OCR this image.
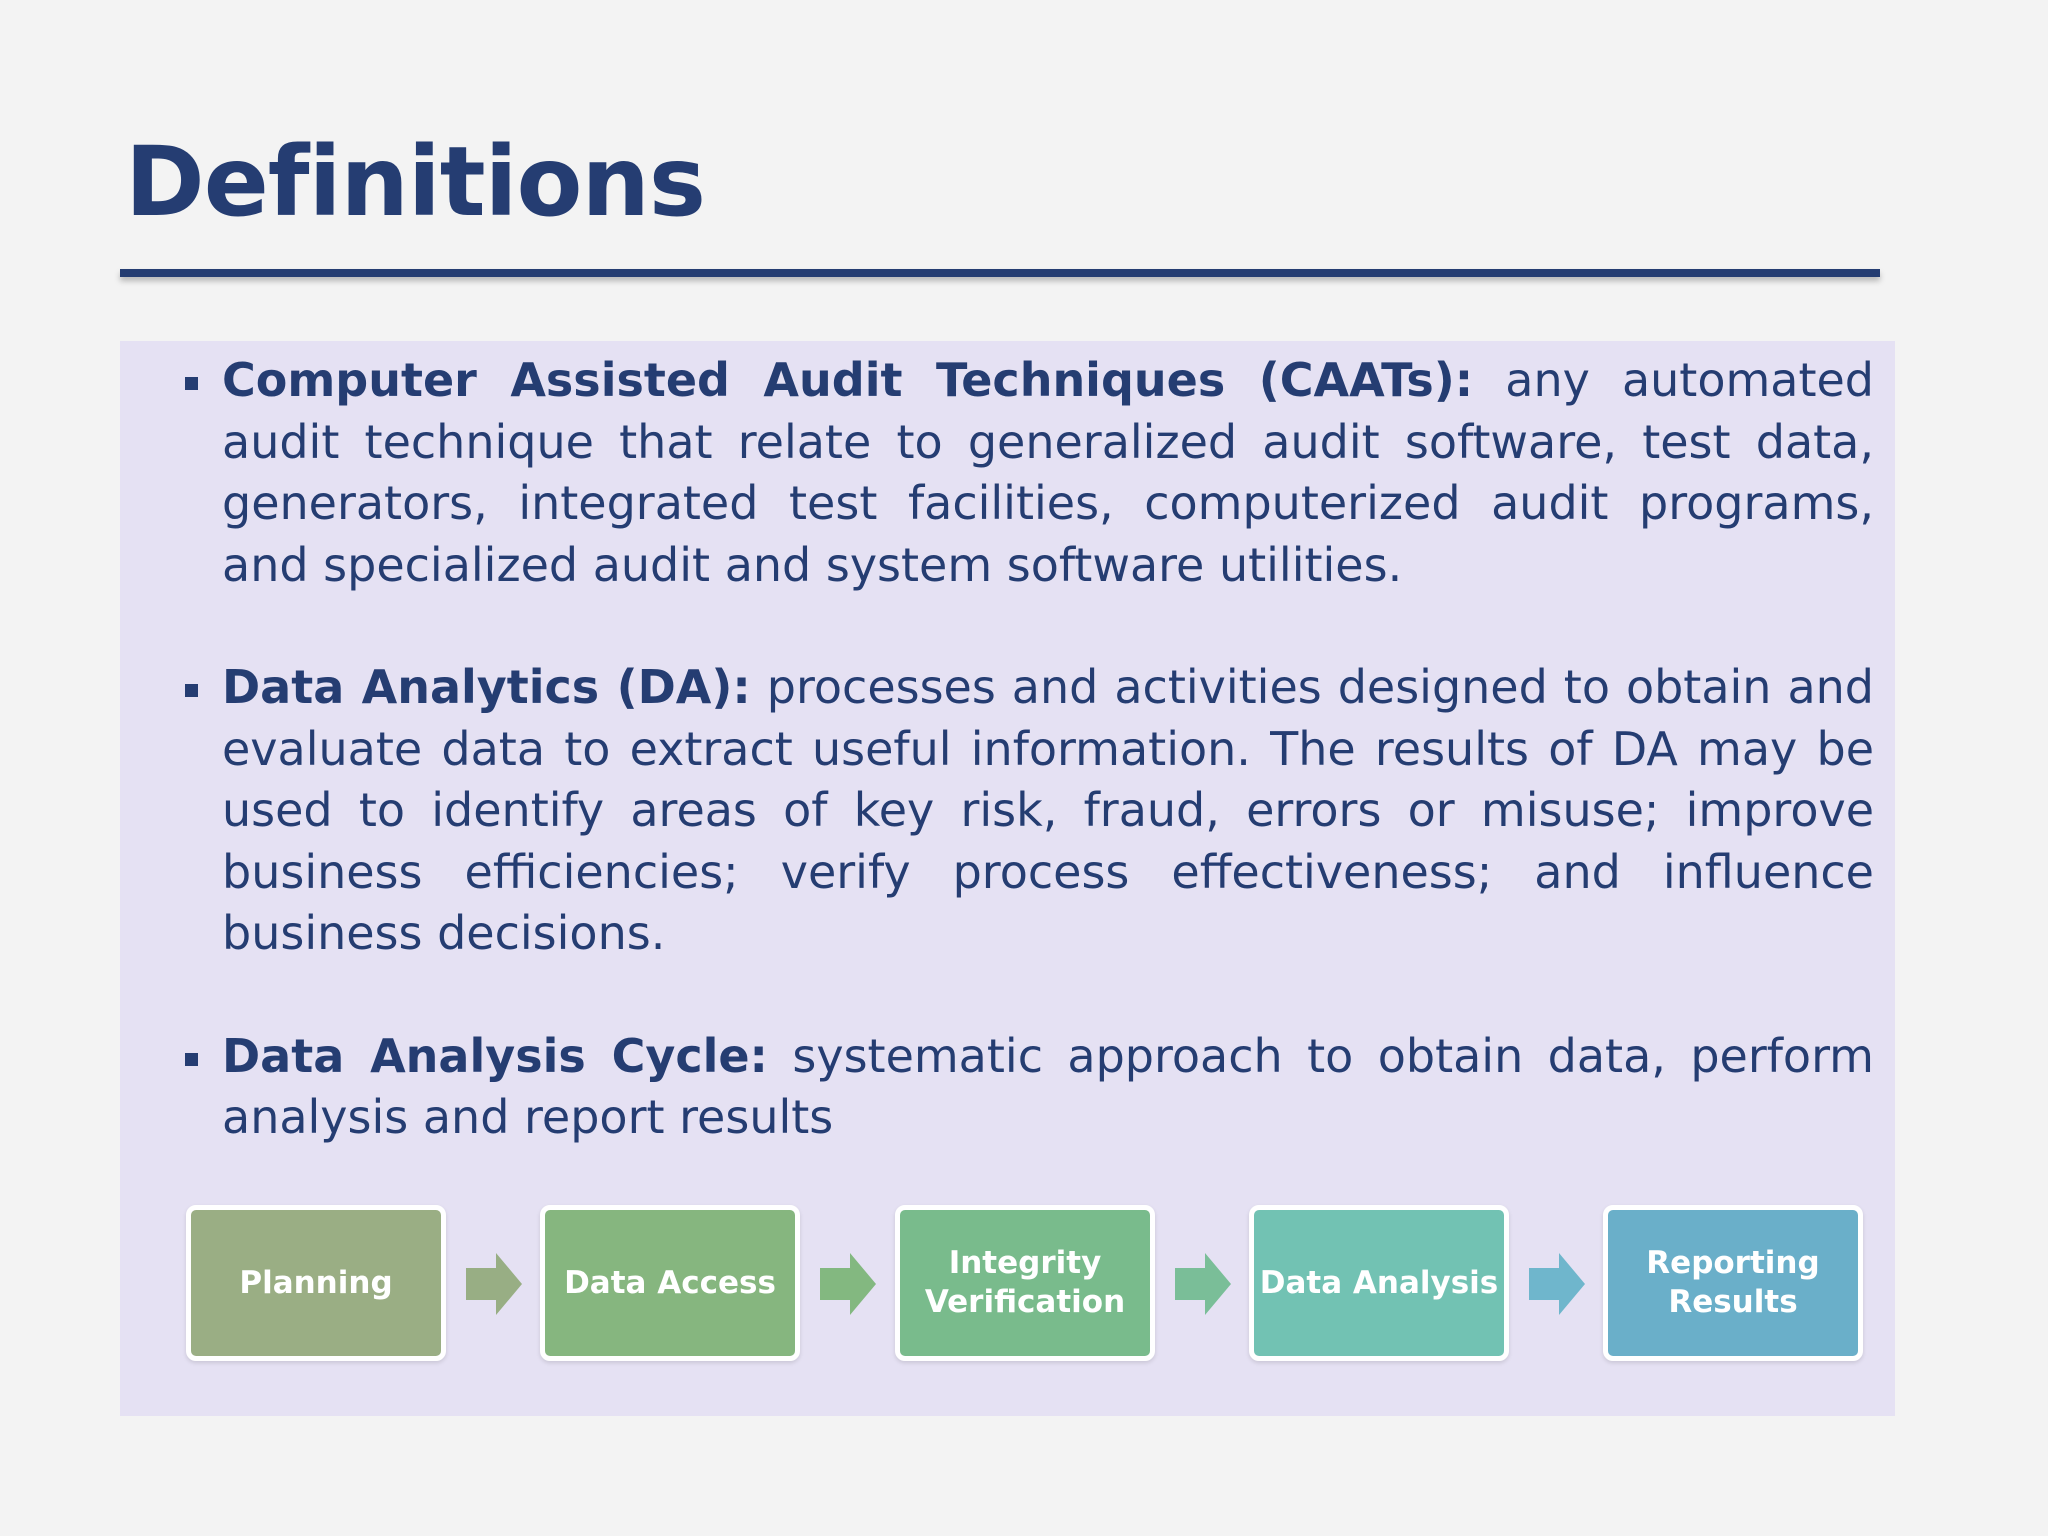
Definitions
Computer Assisted Audit Techniques (CAATs): any automated audit technique that relate to generalized audit software, test data, generators, integrated test facilities, computerized audit programs, and specialized audit and system software utilities.
Data Analytics (DA): processes and activities designed to obtain and evaluate data to extract useful information. The results of DA may be used to identify areas of key risk, fraud, errors or misuse; improve business efficiencies; verify process effectiveness; and influence business decisions.
Data Analysis Cycle: systematic approach to obtain data, perform analysis and report results
Planning	Data Access
Integrity Verification
Data Analysis
Reporting Results
